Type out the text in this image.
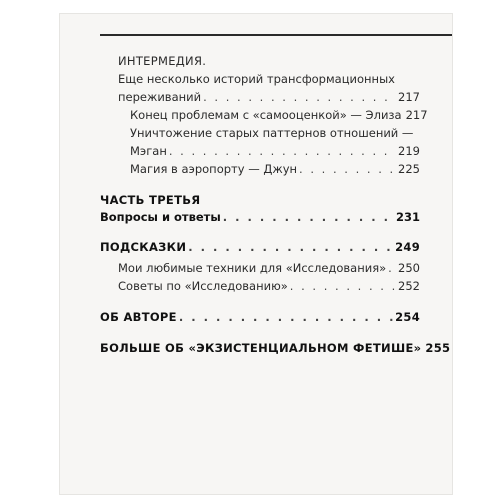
ИНТЕРМЕДИЯ.
Еще несколько историй трансформационных
переживаний . . .	217
Конец проблемам с «самооценкой» — Элиза 217
Уничтожение старых паттернов отношений —
Мэган . . .	219
Магия в аэропорту — Джун . . .	225
ЧАСТЬ ТРЕТЬЯ
Вопросы и ответы . . .	231
ПОДСКАЗКИ . . .	249
Мои любимые техники для «Исследования» . . . 250
Советы по «Исследованию» . . .	252
ОБ АВТОРЕ . . .	254
БОЛЬШЕ ОБ «ЭКЗИСТЕНЦИАЛЬНОМ ФЕТИШЕ» 255
